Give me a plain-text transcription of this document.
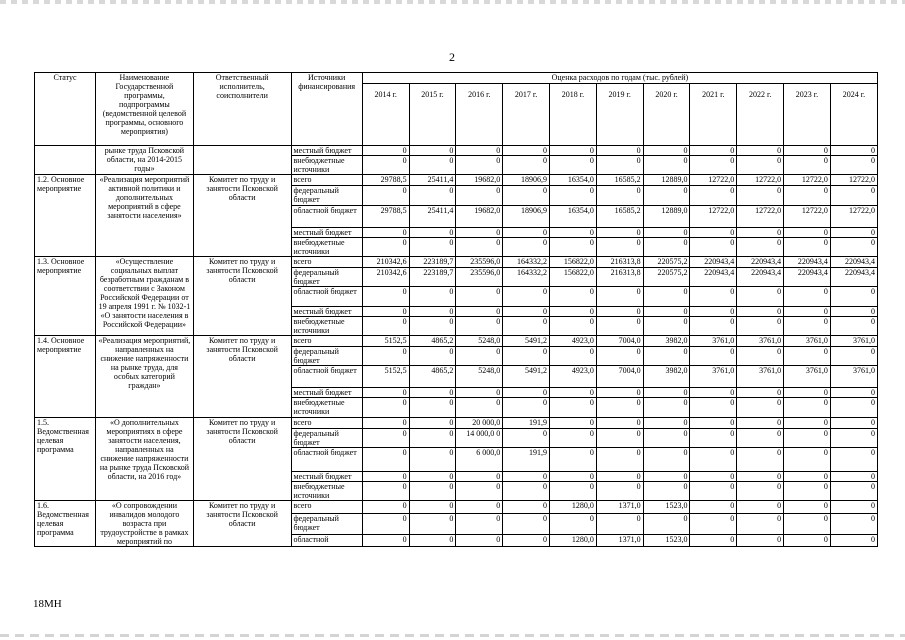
2
Статус	Наименование Государственной программы, подпрограммы (ведомственной целевой программы, основного мероприятия)	Ответственный исполнитель, соисполнители	Источники финансирования	Оценка расходов по годам (тыс. рублей)										
				2014 г.	2015 г.	2016 г.	2017 г.	2018 г.	2019 г.	2020 г.	2021 г.	2022 г.	2023 г.	2024 г.
	рынке труда Псковской области, на 2014-2015 годы»		местный бюджет	0	0	0	0	0	0	0	0	0	0	0
			внебюджетные источники	0	0	0	0	0	0	0	0	0	0	0
1.2. Основное мероприятие	«Реализация мероприятий активной политики и дополнительных мероприятий в сфере занятости населения»	Комитет по труду и занятости Псковской области	всего	29788,5	25411,4	19682,0	18906,9	16354,0	16585,2	12889,0	12722,0	12722,0	12722,0	12722,0
			федеральный бюджет	0	0	0	0	0	0	0	0	0	0	0
			областной бюджет	29788,5	25411,4	19682,0	18906,9	16354,0	16585,2	12889,0	12722,0	12722,0	12722,0	12722,0
			местный бюджет	0	0	0	0	0	0	0	0	0	0	0
			внебюджетные источники	0	0	0	0	0	0	0	0	0	0	0
1.3. Основное мероприятие	«Осуществление социальных выплат безработным гражданам в соответствии с Законом Российской Федерации от 19 апреля 1991 г. № 1032-1 «О занятости населения в Российской Федерации»	Комитет по труду и занятости Псковской области	всего	210342,6	223189,7	235596,0	164332,2	156822,0	216313,8	220575,2	220943,4	220943,4	220943,4	220943,4
			федеральный бюджет	210342,6	223189,7	235596,0	164332,2	156822,0	216313,8	220575,2	220943,4	220943,4	220943,4	220943,4
			областной бюджет	0	0	0	0	0	0	0	0	0	0	0
			местный бюджет	0	0	0	0	0	0	0	0	0	0	0
			внебюджетные источники	0	0	0	0	0	0	0	0	0	0	0
1.4. Основное мероприятие	«Реализация мероприятий, направленных на снижение напряженности на рынке труда, для особых категорий граждан»	Комитет по труду и занятости Псковской области	всего	5152,5	4865,2	5248,0	5491,2	4923,0	7004,0	3982,0	3761,0	3761,0	3761,0	3761,0
			федеральный бюджет	0	0	0	0	0	0	0	0	0	0	0
			областной бюджет	5152,5	4865,2	5248,0	5491,2	4923,0	7004,0	3982,0	3761,0	3761,0	3761,0	3761,0
			местный бюджет	0	0	0	0	0	0	0	0	0	0	0
			внебюджетные источники	0	0	0	0	0	0	0	0	0	0	0
1.5. Ведомственная целевая программа	«О дополнительных мероприятиях в сфере занятости населения, направленных на снижение напряженности на рынке труда Псковской области, на 2016 год»	Комитет по труду и занятости Псковской области	всего	0	0	20 000,0	191,9	0	0	0	0	0	0	0
			федеральный бюджет	0	0	14 000,0 0	0	0	0	0	0	0	0	0
			областной бюджет	0	0	6 000,0	191,9	0	0	0	0	0	0	0
			местный бюджет	0	0	0	0	0	0	0	0	0	0	0
			внебюджетные источники	0	0	0	0	0	0	0	0	0	0	0
1.6. Ведомственная целевая программа	«О сопровождении инвалидов молодого возраста при трудоустройстве в рамках мероприятий по	Комитет по труду и занятости Псковской области	всего	0	0	0	0	1280,0	1371,0	1523,0	0	0	0	0
			федеральный бюджет	0	0	0	0	0	0	0	0	0	0	0
			областной	0	0	0	0	1280,0	1371,0	1523,0	0	0	0	0
18МН
